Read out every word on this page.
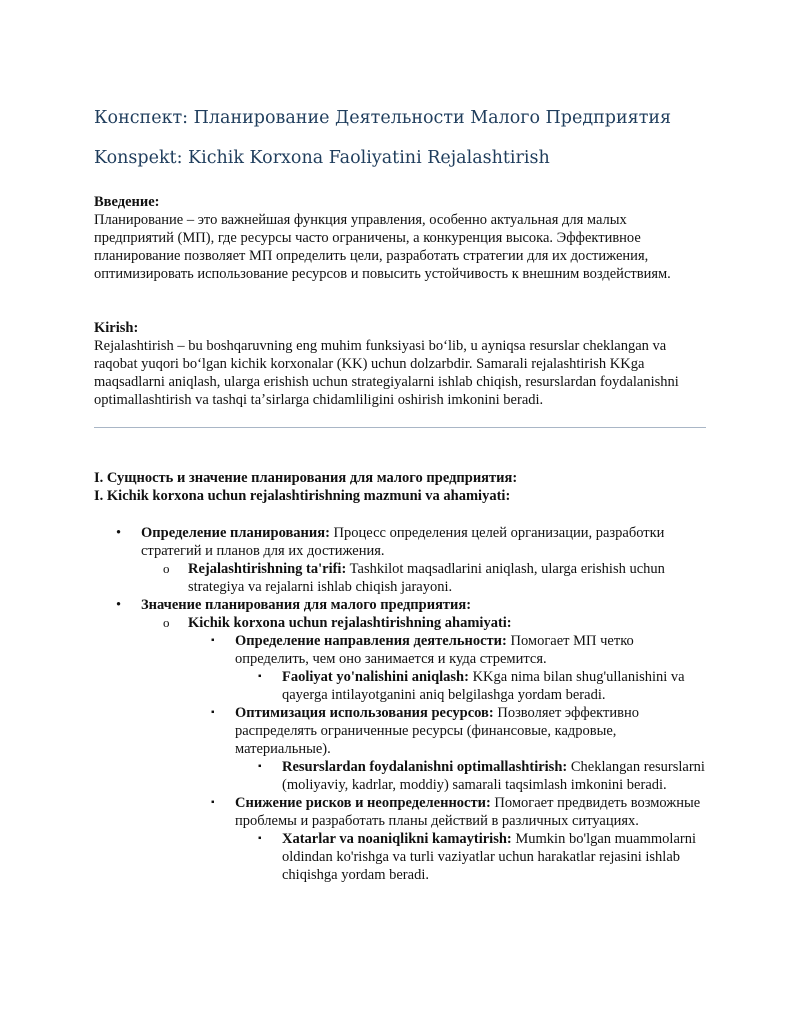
Конспект: Планирование Деятельности Малого Предприятия
Konspekt: Kichik Korxona Faoliyatini Rejalashtirish
Введение:
Планирование – это важнейшая функция управления, особенно актуальная для малых предприятий (МП), где ресурсы часто ограничены, а конкуренция высока. Эффективное планирование позволяет МП определить цели, разработать стратегии для их достижения, оптимизировать использование ресурсов и повысить устойчивость к внешним воздействиям.
Kirish:
Rejalashtirish – bu boshqaruvning eng muhim funksiyasi boʻlib, u ayniqsa resurslar cheklangan va raqobat yuqori boʻlgan kichik korxonalar (KK) uchun dolzarbdir. Samarali rejalashtirish KKga maqsadlarni aniqlash, ularga erishish uchun strategiyalarni ishlab chiqish, resurslardan foydalanishni optimallashtirish va tashqi taʼsirlarga chidamliligini oshirish imkonini beradi.
I. Сущность и значение планирования для малого предприятия:
I. Kichik korxona uchun rejalashtirishning mazmuni va ahamiyati:
• Определение планирования: Процесс определения целей организации, разработки стратегий и планов для их достижения.
o Rejalashtirishning ta'rifi: Tashkilot maqsadlarini aniqlash, ularga erishish uchun strategiya va rejalarni ishlab chiqish jarayoni.
• Значение планирования для малого предприятия:
o Kichik korxona uchun rejalashtirishning ahamiyati:
▪ Определение направления деятельности: Помогает МП четко определить, чем оно занимается и куда стремится.
▪ Faoliyat yo'nalishini aniqlash: KKga nima bilan shug'ullanishini va qayerga intilayotganini aniq belgilashga yordam beradi.
▪ Оптимизация использования ресурсов: Позволяет эффективно распределять ограниченные ресурсы (финансовые, кадровые, материальные).
▪ Resurslardan foydalanishni optimallashtirish: Cheklangan resurslarni (moliyaviy, kadrlar, moddiy) samarali taqsimlash imkonini beradi.
▪ Снижение рисков и неопределенности: Помогает предвидеть возможные проблемы и разработать планы действий в различных ситуациях.
▪ Xatarlar va noaniqlikni kamaytirish: Mumkin bo'lgan muammolarni oldindan ko'rishga va turli vaziyatlar uchun harakatlar rejasini ishlab chiqishga yordam beradi.
